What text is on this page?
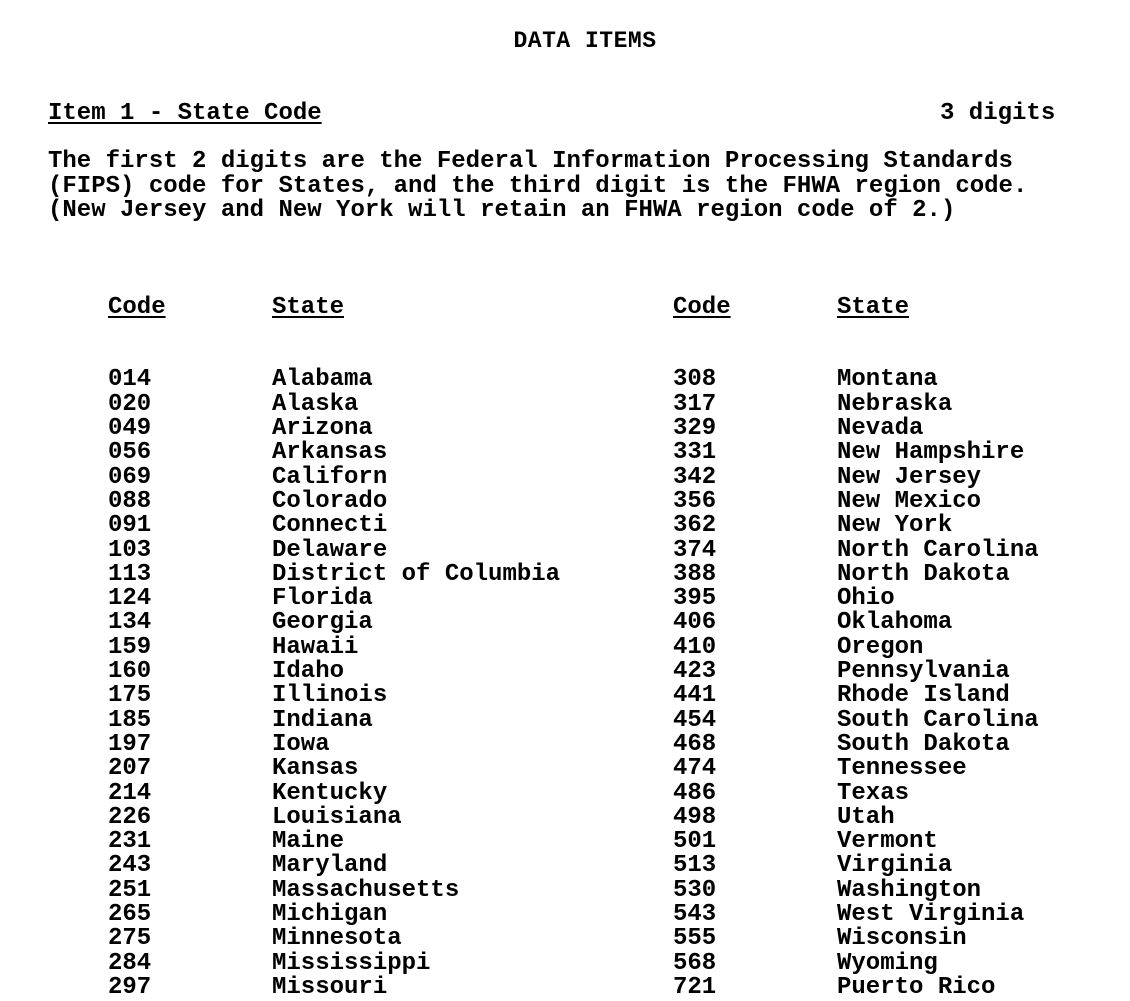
DATA ITEMS
Item 1 - State Code	3 digits
The first 2 digits are the Federal Information Processing Standards
(FIPS) code for States, and the third digit is the FHWA region code.
(New Jersey and New York will retain an FHWA region code of 2.)

Code

014
020
049
056
069
088
091
103
113
124
134
159
160
175
185
197
207
214
226
231
243
251
265
275
284
297

State

Alabama
Alaska
Arizona
Arkansas
Californ
Colorado
Connecti
Delaware
District of Columbia
Florida
Georgia
Hawaii
Idaho
Illinois
Indiana
Iowa
Kansas
Kentucky
Louisiana
Maine
Maryland
Massachusetts
Michigan
Minnesota
Mississippi
Missouri

Code

308
317
329
331
342
356
362
374
388
395
406
410
423
441
454
468
474
486
498
501
513
530
543
555
568
721

State

Montana
Nebraska
Nevada
New Hampshire
New Jersey
New Mexico
New York
North Carolina
North Dakota
Ohio
Oklahoma
Oregon
Pennsylvania
Rhode Island
South Carolina
South Dakota
Tennessee
Texas
Utah
Vermont
Virginia
Washington
West Virginia
Wisconsin
Wyoming
Puerto Rico
